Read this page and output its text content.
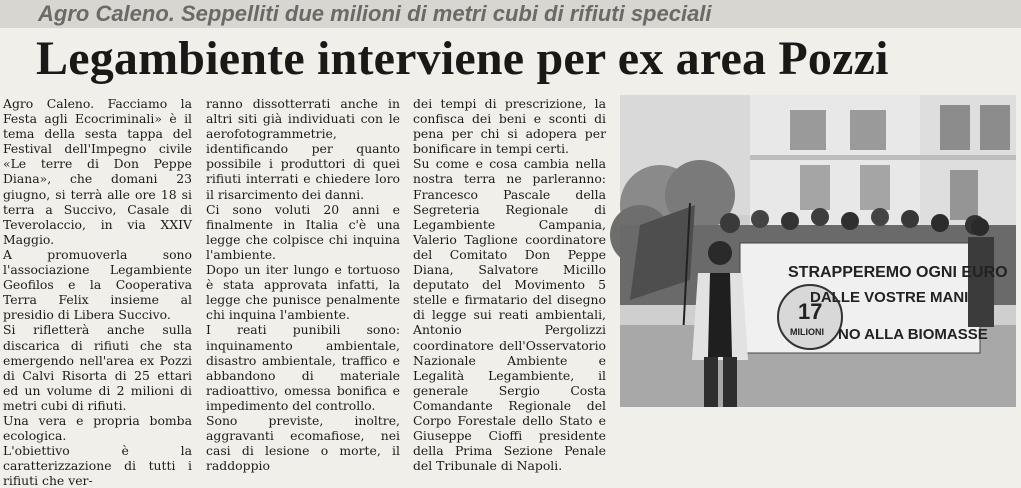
Agro Caleno. Seppelliti due milioni di metri cubi di rifiuti speciali
Legambiente interviene per ex area Pozzi

Agro Caleno. Facciamo la Festa agli Ecocriminali» è il tema della sesta tappa del Festival dell'Impegno civile «Le terre di Don Peppe Diana», che domani 23 giugno, si terrà alle ore 18 si terra a Succivo, Casale di Teverolaccio, in via XXIV Maggio.

A promuoverla sono l'associazione Legambiente Geofilos e la Cooperativa Terra Felix insieme al presidio di Libera Succivo.

Si rifletterà anche sulla discarica di rifiuti che sta emergendo nell'area ex Pozzi di Calvi Risorta di 25 ettari ed un volume di 2 milioni di metri cubi di rifiuti.

Una vera e propria bomba ecologica.

L'obiettivo è la caratterizzazione di tutti i rifiuti che ver-

ranno dissotterrati anche in altri siti già individuati con le aerofotogrammetrie, identificando per quanto possibile i produttori di quei rifiuti interrati e chiedere loro il risarcimento dei danni.

Ci sono voluti 20 anni e finalmente in Italia c'è una legge che colpisce chi inquina l'ambiente.

Dopo un iter lungo e tortuoso è stata approvata infatti, la legge che punisce penalmente chi inquina l'ambiente.

I reati punibili sono: inquinamento ambientale, disastro ambientale, traffico e abbandono di materiale radioattivo, omessa bonifica e impedimento del controllo.

Sono previste, inoltre, aggravanti ecomafiose, nei casi di lesione o morte, il raddoppio

dei tempi di prescrizione, la confisca dei beni e sconti di pena per chi si adopera per bonificare in tempi certi.

Su come e cosa cambia nella nostra terra ne parleranno: Francesco Pascale della Segreteria Regionale di Legambiente Campania, Valerio Taglione coordinatore del Comitato Don Peppe Diana, Salvatore Micillo deputato del Movimento 5 stelle e firmatario del disegno di legge sui reati ambientali, Antonio Pergolizzi coordinatore dell'Osservatorio Nazionale Ambiente e Legalità Legambiente, il generale Sergio Costa Comandante Regionale del Corpo Forestale dello Stato e Giuseppe Cioffi presidente della Prima Sezione Penale del Tribunale di Napoli.

STRAPPEREMO OGNI EURO
DALLE VOSTRE MANI
NO ALLA BIOMASSE
17
MILIONI
